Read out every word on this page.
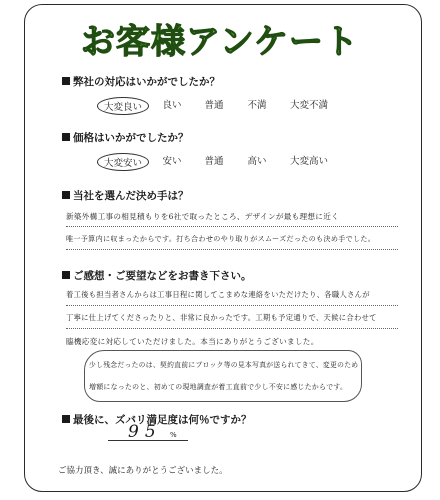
お客様アンケート
弊社の対応はいかがでしたか？
大変良い	良い 普通	不満 大変不満
価格はいかがでしたか？
大変安い	安い 普通	高い 大変高い
当社を選んだ決め手は？
新築外構工事の相見積もりを6社で取ったところ、デザインが最も理想に近く
唯一予算内に収まったからです。打ち合わせのやり取りがスムーズだったのも決め手でした。
ご感想・ご要望などをお書き下さい。
着工後も担当者さんからは工事日程に関してこまめな連絡をいただけたり、各職人さんが
丁寧に仕上げてくださったりと、非常に良かったです。工期も予定通りで、天候に合わせて
臨機応変に対応していただけました。本当にありがとうございました。
少し残念だったのは、契約直前にブロック等の見本写真が送られてきて、変更のため
増額になったのと、初めての現地調査が着工直前で少し不安に感じたからです。
最後に、ズバリ満足度は何％ですか？
95 %
ご協力頂き、誠にありがとうございました。
